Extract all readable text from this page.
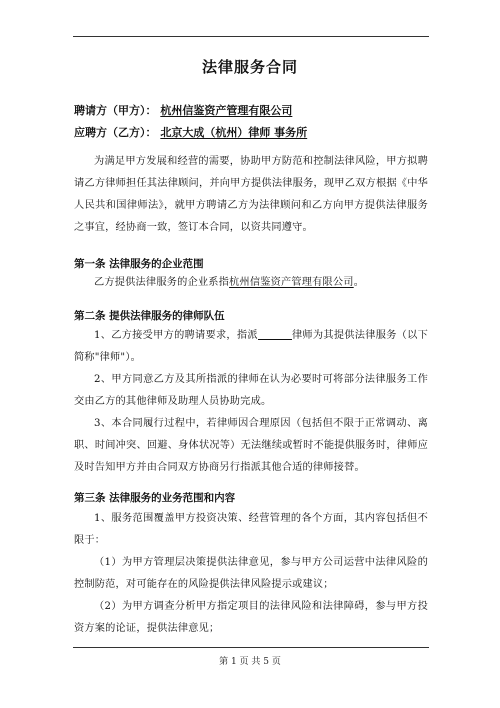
法律服务合同
聘请方（甲方）： 杭州信鉴资产管理有限公司
应聘方（乙方）： 北京大成（杭州）律师 事务所
为满足甲方发展和经营的需要，协助甲方防范和控制法律风险，甲方拟聘请乙方律师担任其法律顾问，并向甲方提供法律服务，现甲乙双方根据《中华人民共和国律师法》，就甲方聘请乙方为法律顾问和乙方向甲方提供法律服务之事宜，经协商一致，签订本合同，以资共同遵守。
第一条 法律服务的企业范围
乙方提供法律服务的企业系指杭州信鉴资产管理有限公司。
第二条 提供法律服务的律师队伍
1、乙方接受甲方的聘请要求，指派	律师为其提供法律服务（以下简称"律师"）。
2、甲方同意乙方及其所指派的律师在认为必要时可将部分法律服务工作交由乙方的其他律师及助理人员协助完成。
3、本合同履行过程中，若律师因合理原因（包括但不限于正常调动、离职、时间冲突、回避、身体状况等）无法继续或暂时不能提供服务时，律师应及时告知甲方并由合同双方协商另行指派其他合适的律师接替。
第三条 法律服务的业务范围和内容
1、服务范围覆盖甲方投资决策、经营管理的各个方面，其内容包括但不限于：
（1）为甲方管理层决策提供法律意见，参与甲方公司运营中法律风险的控制防范，对可能存在的风险提供法律风险提示或建议；
（2）为甲方调查分析甲方指定项目的法律风险和法律障碍，参与甲方投资方案的论证，提供法律意见；
第 1 页 共 5 页
